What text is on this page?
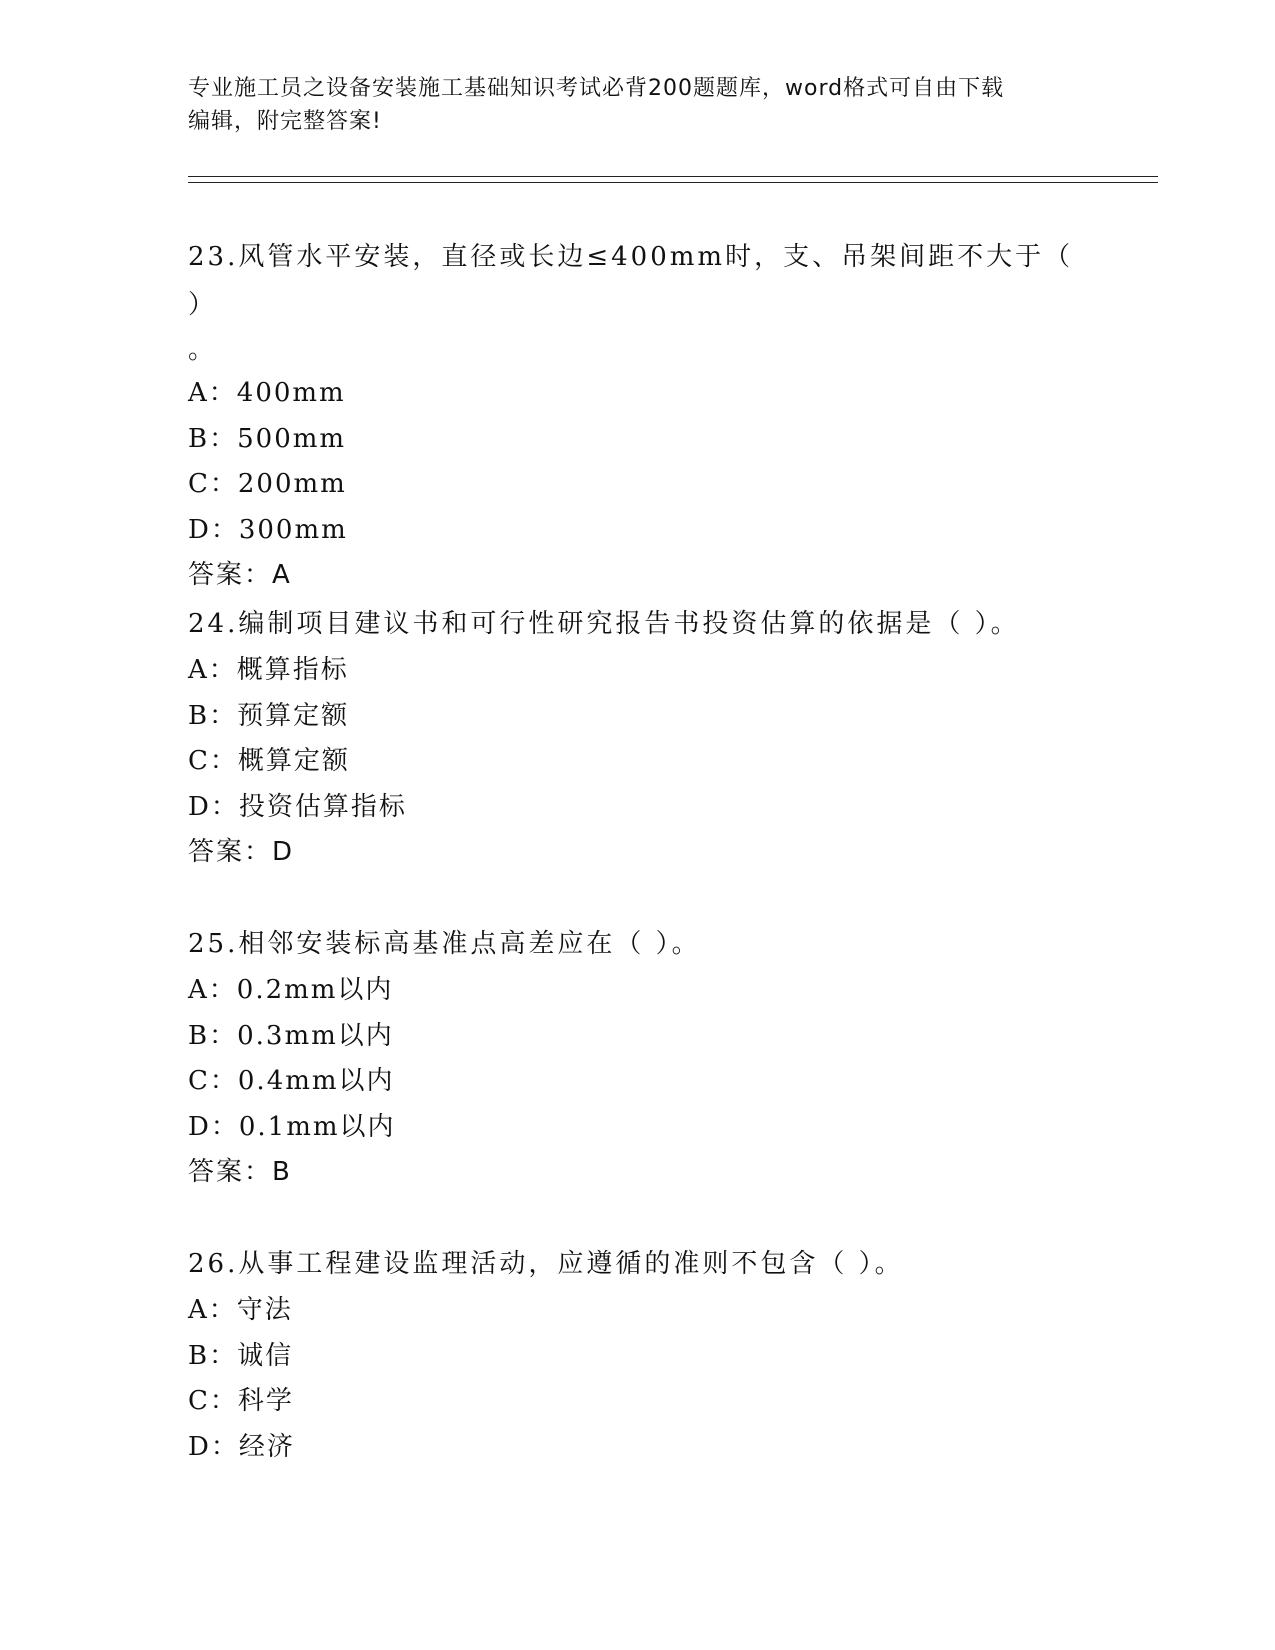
专业施工员之设备安装施工基础知识考试必背200题题库，word格式可自由下载
编辑，附完整答案!

23.风管水平安装，直径或长边≤400mm时，支、吊架间距不大于（ ）

。

A：400mm

B：500mm

C：200mm

D：300mm

答案：A

24.编制项目建议书和可行性研究报告书投资估算的依据是（ ）。

A：概算指标

B：预算定额

C：概算定额

D：投资估算指标

答案：D

25.相邻安装标高基准点高差应在（ ）。

A：0.2mm以内

B：0.3mm以内

C：0.4mm以内

D：0.1mm以内

答案：B

26.从事工程建设监理活动，应遵循的准则不包含（ ）。

A：守法

B：诚信

C：科学

D：经济
